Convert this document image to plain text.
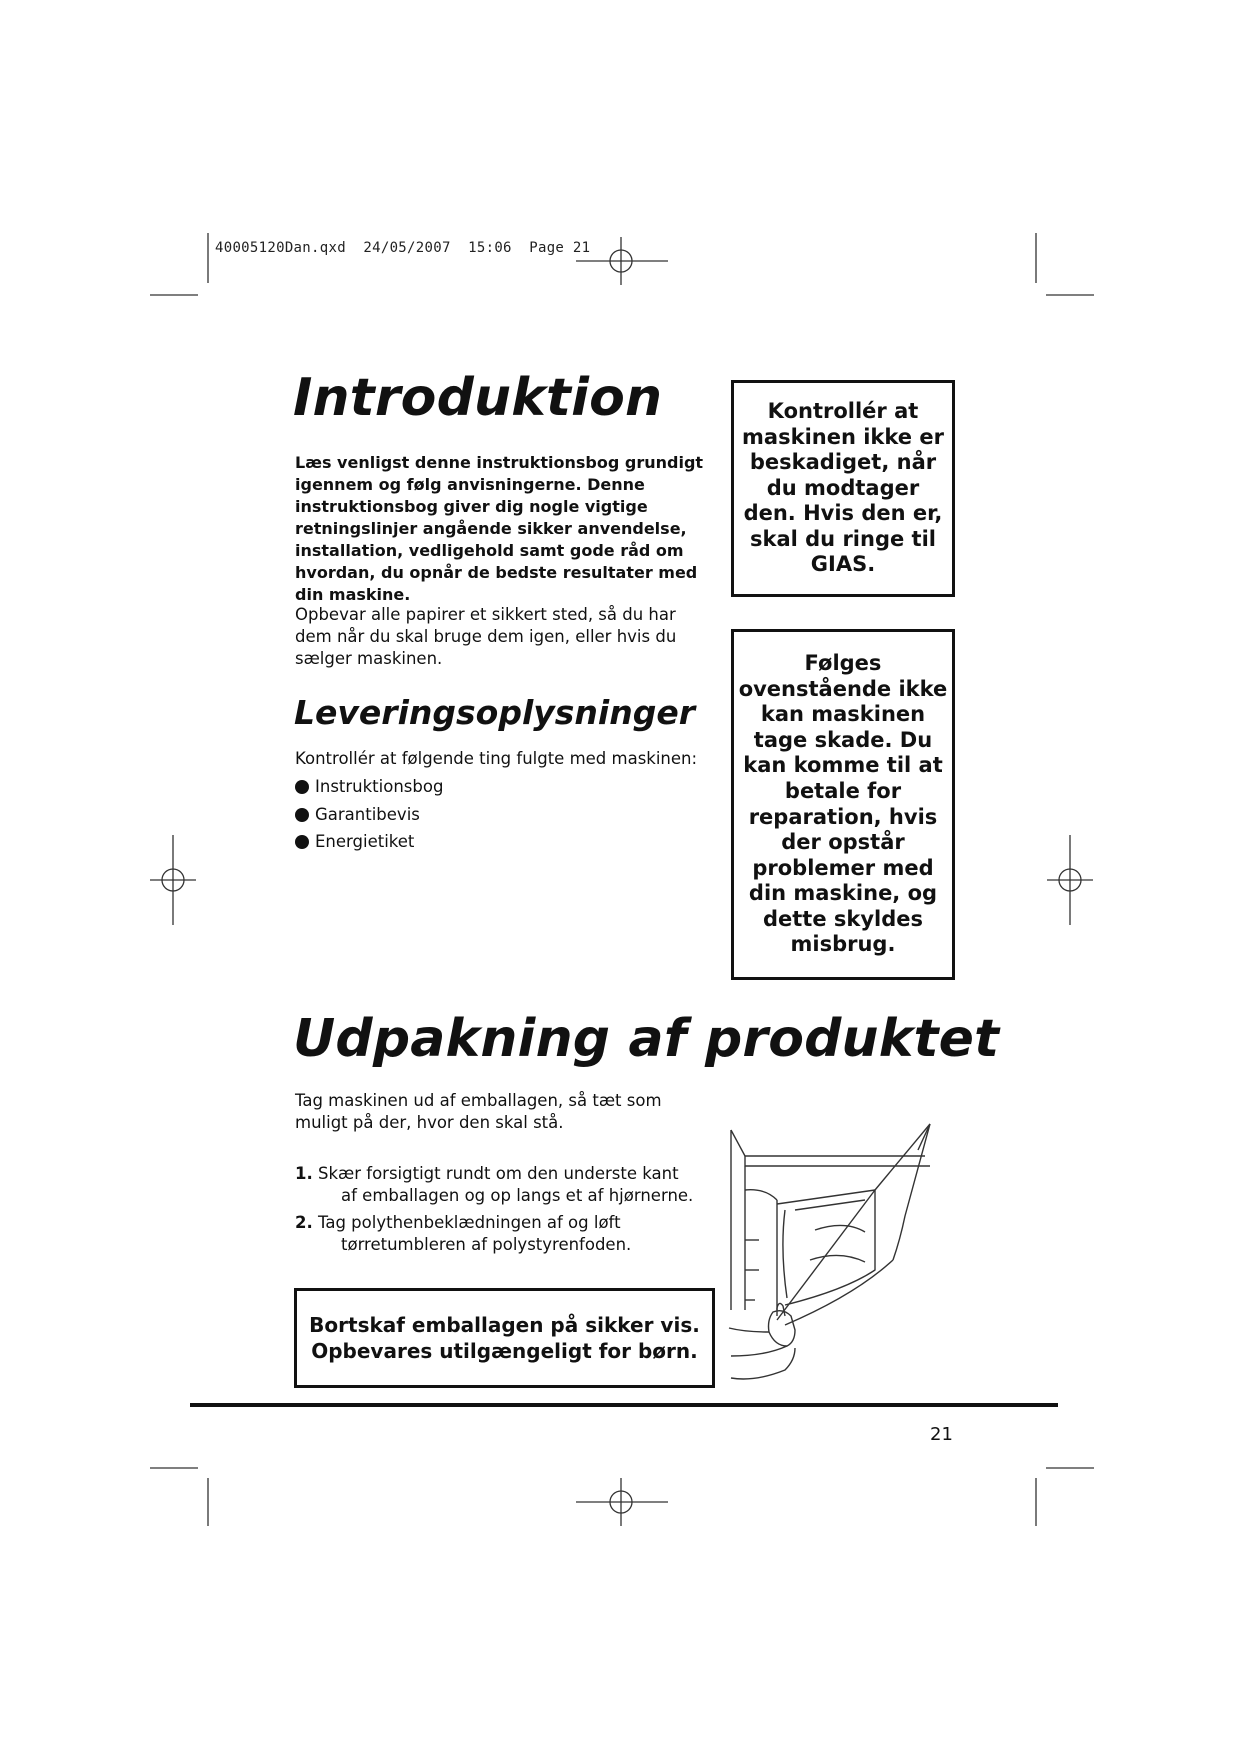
40005120Dan.qxd  24/05/2007  15:06  Page 21
Introduktion
Læs venligst denne instruktionsbog grundigt igennem og følg anvisningerne. Denne instruktionsbog giver dig nogle vigtige retningslinjer angående sikker anvendelse, installation, vedligehold samt gode råd om hvordan, du opnår de bedste resultater med din maskine.
Opbevar alle papirer et sikkert sted, så du har dem når du skal bruge dem igen, eller hvis du sælger maskinen.
Leveringsoplysninger
Kontrollér at følgende ting fulgte med maskinen:
Instruktionsbog
Garantibevis
Energietiket
Kontrollér at
maskinen ikke er
beskadiget, når
du modtager
den. Hvis den er,
skal du ringe til
GIAS.
Følges
ovenstående ikke
kan maskinen
tage skade. Du
kan komme til at
betale for
reparation, hvis
der opstår
problemer med
din maskine, og
dette skyldes
misbrug.
Udpakning af produktet
Tag maskinen ud af emballagen, så tæt som muligt på der, hvor den skal stå.
1. Skær forsigtigt rundt om den underste kant
af emballagen og op langs et af hjørnerne.
2. Tag polythenbeklædningen af og løft
tørretumbleren af polystyrenfoden.
Bortskaf emballagen på sikker vis.
Opbevares utilgængeligt for børn.
21
